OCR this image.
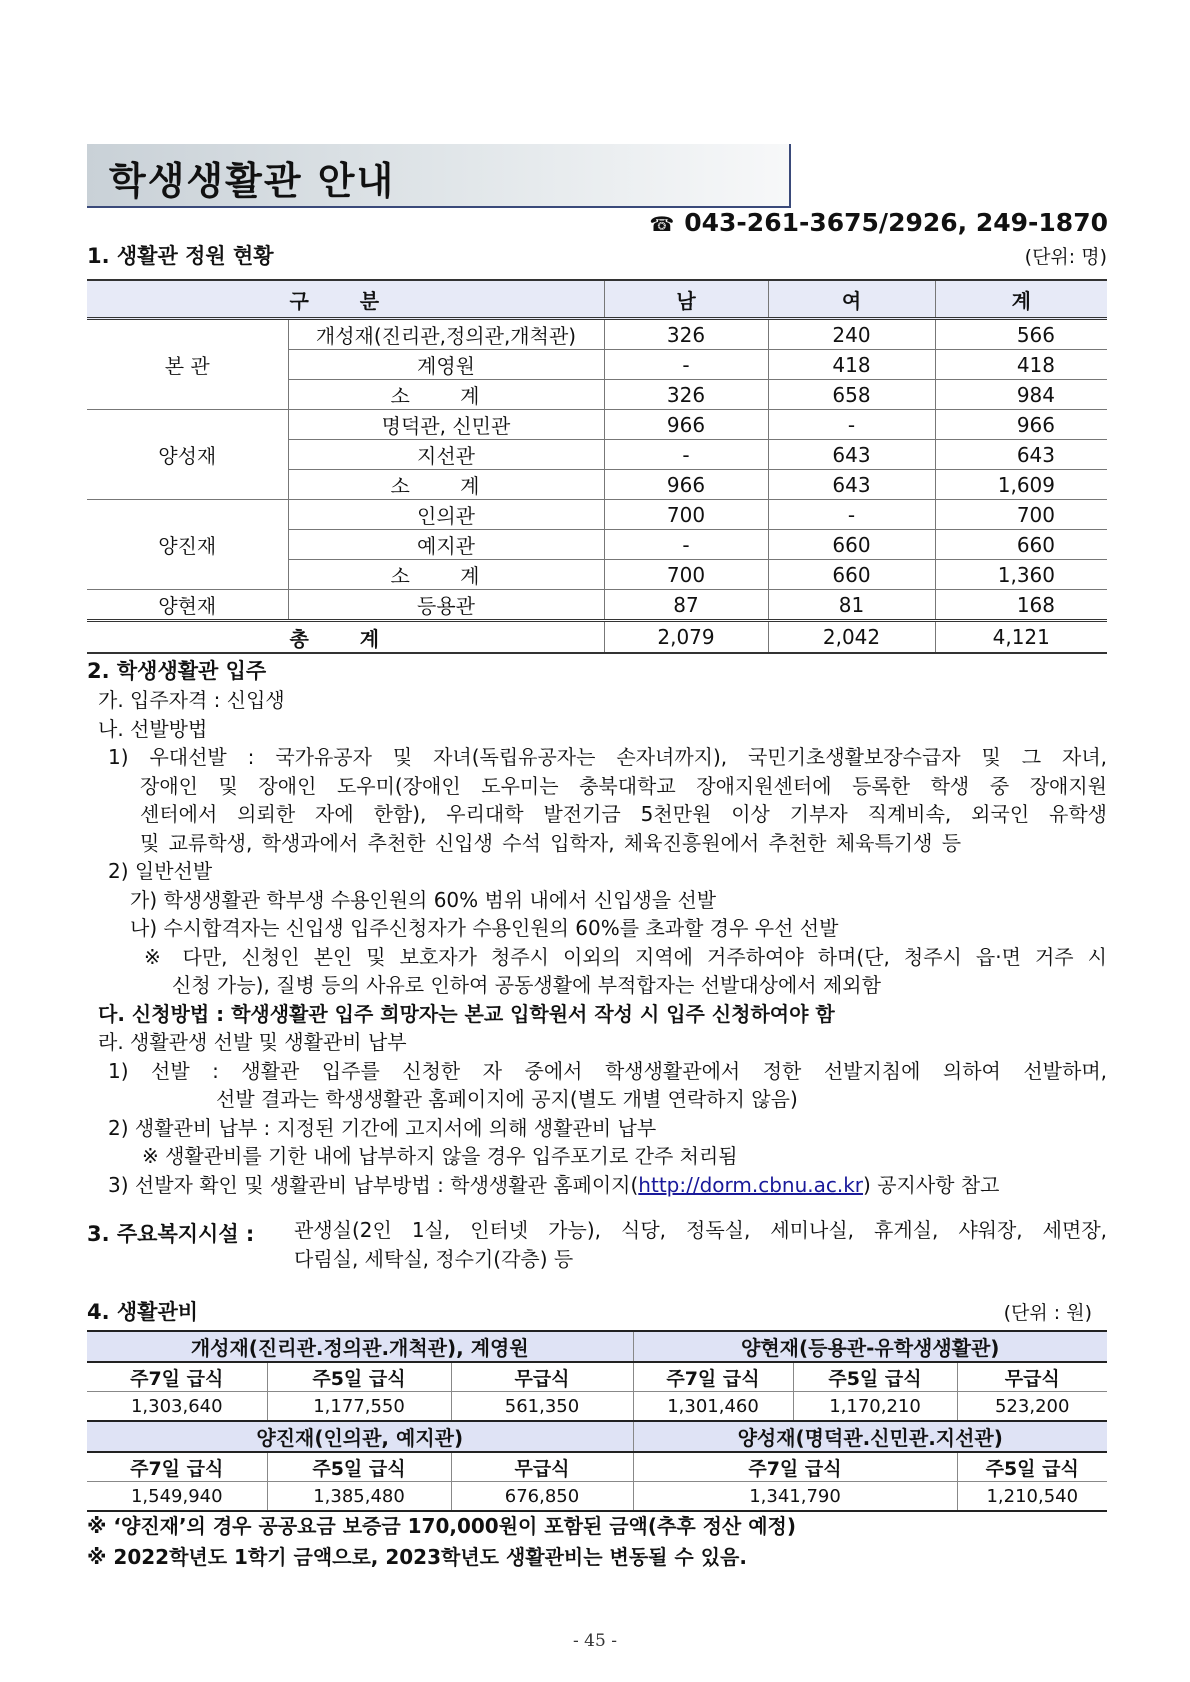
학생생활관 안내
☎ 043-261-3675/2926, 249-1870
1. 생활관 정원 현황	(단위: 명)
구 분		남	여	계
본 관	개성재(진리관,정의관,개척관)	326	240	566
	계영원	-	418	418
	소 계	326	658	984
양성재	명덕관, 신민관	966	-	966
	지선관	-	643	643
	소 계	966	643	1,609
양진재	인의관	700	-	700
	예지관	-	660	660
	소 계	700	660	1,360
양현재	등용관	87	81	168
총 계		2,079	2,042	4,121
2. 학생생활관 입주
가. 입주자격 : 신입생
나. 선발방법
1) 우대선발 : 국가유공자 및 자녀(독립유공자는 손자녀까지), 국민기초생활보장수급자 및 그 자녀,
장애인 및 장애인 도우미(장애인 도우미는 충북대학교 장애지원센터에 등록한 학생 중 장애지원
센터에서 의뢰한 자에 한함), 우리대학 발전기금 5천만원 이상 기부자 직계비속, 외국인 유학생
및 교류학생, 학생과에서 추천한 신입생 수석 입학자, 체육진흥원에서 추천한 체육특기생 등
2) 일반선발
가) 학생생활관 학부생 수용인원의 60% 범위 내에서 신입생을 선발
나) 수시합격자는 신입생 입주신청자가 수용인원의 60%를 초과할 경우 우선 선발
※ 다만, 신청인 본인 및 보호자가 청주시 이외의 지역에 거주하여야 하며(단, 청주시 읍·면 거주 시
신청 가능), 질병 등의 사유로 인하여 공동생활에 부적합자는 선발대상에서 제외함
다. 신청방법 : 학생생활관 입주 희망자는 본교 입학원서 작성 시 입주 신청하여야 함
라. 생활관생 선발 및 생활관비 납부
1) 선발 : 생활관 입주를 신청한 자 중에서 학생생활관에서 정한 선발지침에 의하여 선발하며,
선발 결과는 학생생활관 홈페이지에 공지(별도 개별 연락하지 않음)
2) 생활관비 납부 : 지정된 기간에 고지서에 의해 생활관비 납부
※ 생활관비를 기한 내에 납부하지 않을 경우 입주포기로 간주 처리됨
3) 선발자 확인 및 생활관비 납부방법 : 학생생활관 홈페이지(http://dorm.cbnu.ac.kr) 공지사항 참고
3. 주요복지시설 : 관생실(2인 1실, 인터넷 가능), 식당, 정독실, 세미나실, 휴게실, 샤워장, 세면장,
다림실, 세탁실, 정수기(각층) 등
4. 생활관비	(단위 : 원)
개성재(진리관.정의관.개척관), 계영원			양현재(등용관-유학생생활관)		
주7일 급식	주5일 급식	무급식	주7일 급식	주5일 급식	무급식
1,303,640	1,177,550	561,350	1,301,460	1,170,210	523,200
양진재(인의관, 예지관)			양성재(명덕관.신민관.지선관)		
주7일 급식	주5일 급식	무급식	주7일 급식		주5일 급식
1,549,940	1,385,480	676,850	1,341,790		1,210,540
※ ‘양진재’의 경우 공공요금 보증금 170,000원이 포함된 금액(추후 정산 예정)
※ 2022학년도 1학기 금액으로, 2023학년도 생활관비는 변동될 수 있음.
- 45 -
